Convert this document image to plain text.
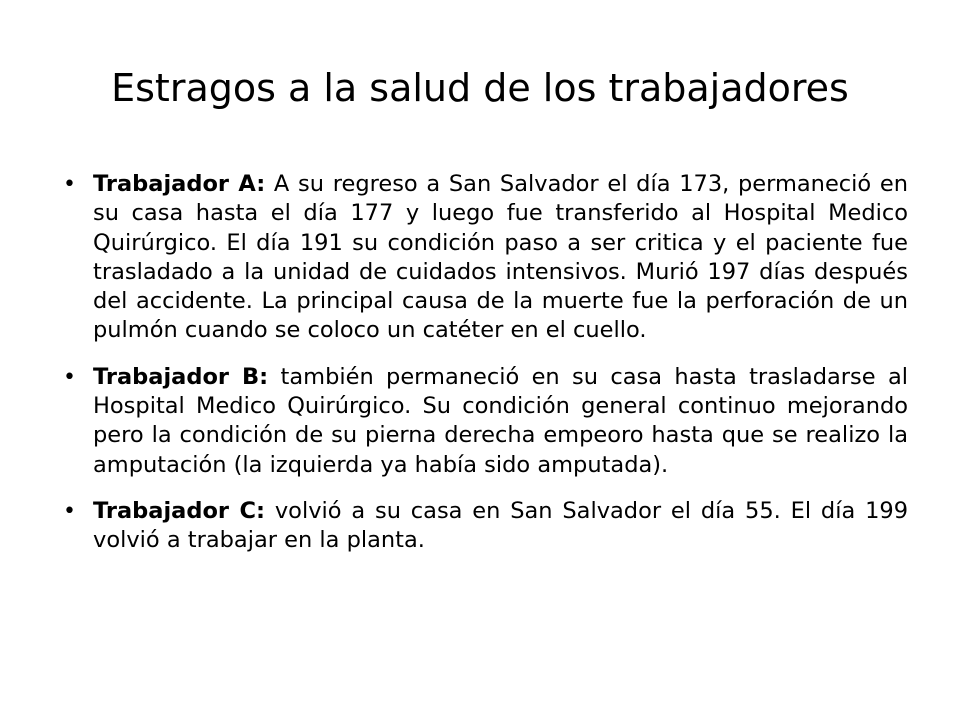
Estragos a la salud de los trabajadores
• Trabajador A: A su regreso a San Salvador el día 173, permaneció en su casa hasta el día 177 y luego fue transferido al Hospital Medico Quirúrgico. El día 191 su condición paso a ser critica y el paciente fue trasladado a la unidad de cuidados intensivos. Murió 197 días después del accidente. La principal causa de la muerte fue la perforación de un pulmón cuando se coloco un catéter en el cuello.
• Trabajador B: también permaneció en su casa hasta trasladarse al Hospital Medico Quirúrgico. Su condición general continuo mejorando pero la condición de su pierna derecha empeoro hasta que se realizo la amputación (la izquierda ya había sido amputada).
• Trabajador C: volvió a su casa en San Salvador el día 55. El día 199 volvió a trabajar en la planta.
